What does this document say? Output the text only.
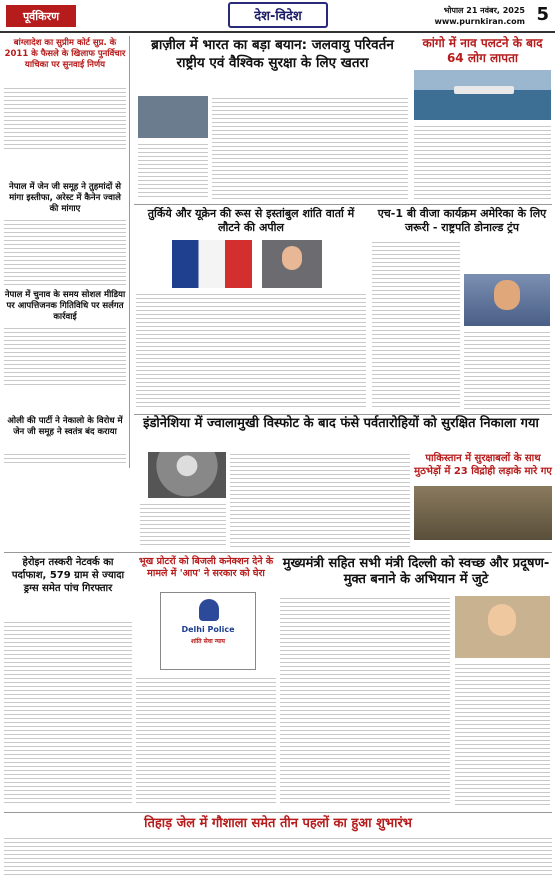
पूर्वकिरण	देश-विदेश	भोपाल 21 नवंबर, 2025
www.purnkiran.com 5
बांग्लादेश का सुप्रीम कोर्ट सुप्र. के 2011 के फैसले के खिलाफ पुनर्विचार याचिका पर सुनवाई निर्णय
नेपाल में जेन जी समूह ने तुहमांदों से मांगा इस्तीफा, अरेस्ट में कैनेन ज्वाले की मांगाए
नेपाल में चुनाव के समय सोशल मीडिया पर आपत्तिजनक गितिविधि पर सर्लगत कार्रवाई
ओली की पार्टी ने नेकालो के विरोध में जेन जी समूह ने स्वतंत्र बंद कराया
ब्राज़ील में भारत का बड़ा बयान: जलवायु परिवर्तन राष्ट्रीय एवं वैश्विक सुरक्षा के लिए खतरा
कांगो में नाव पलटने के बाद 64 लोग लापता
तुर्किये और यूक्रेन की रूस से इस्तांबुल शांति वार्ता में लौटने की अपील
एच-1 बी वीजा कार्यक्रम अमेरिका के लिए जरूरी - राष्ट्रपति डोनाल्ड ट्रंप
इंडोनेशिया में ज्वालामुखी विस्फोट के बाद फंसे पर्वतारोहियों को सुरक्षित निकाला गया
पाकिस्तान में सुरक्षाबलों के साथ मुठभेड़ों में 23 विद्रोही लड़ाके मारे गए
भूख प्रोटरों को बिजली कनेक्शन देने के मामले में 'आप' ने सरकार को घेरा
Delhi Police
शांति सेवा न्याय
मुख्यमंत्री सहित सभी मंत्री दिल्ली को स्वच्छ और प्रदूषण-मुक्त बनाने के अभियान में जुटे
हेरोइन तस्करी नेटवर्क का पर्दाफाश, 579 ग्राम से ज्यादा ड्रग्स समेत पांच गिरफ्तार
तिहाड़ जेल में गौशाला समेत तीन पहलों का हुआ शुभारंभ
